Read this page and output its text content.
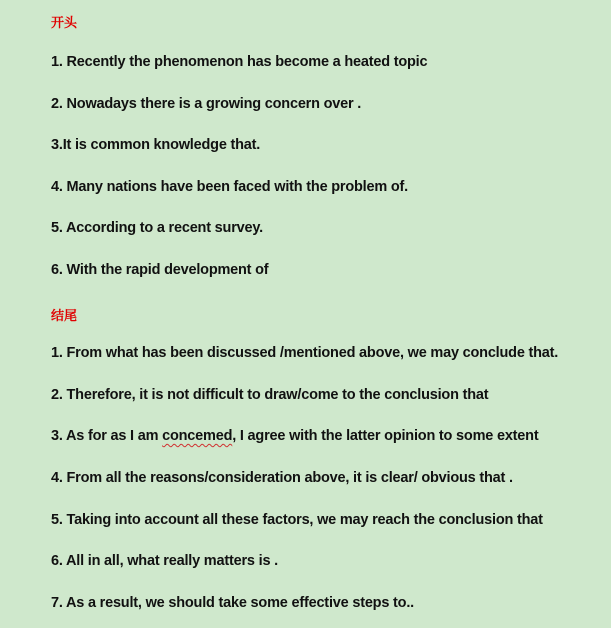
开头
1. Recently the phenomenon has become a heated topic
2. Nowadays there is a growing concern over .
3.It is common knowledge that.
4. Many nations have been faced with the problem of.
5. According to a recent survey.
6. With the rapid development of
结尾
1. From what has been discussed /mentioned above, we may conclude that.
2. Therefore, it is not difficult to draw/come to the conclusion that
3. As for as I am concemed, I agree with the latter opinion to some extent
4. From all the reasons/consideration above, it is clear/ obvious that .
5. Taking into account all these factors, we may reach the conclusion that
6. All in all, what really matters is .
7. As a result, we should take some effective steps to..
